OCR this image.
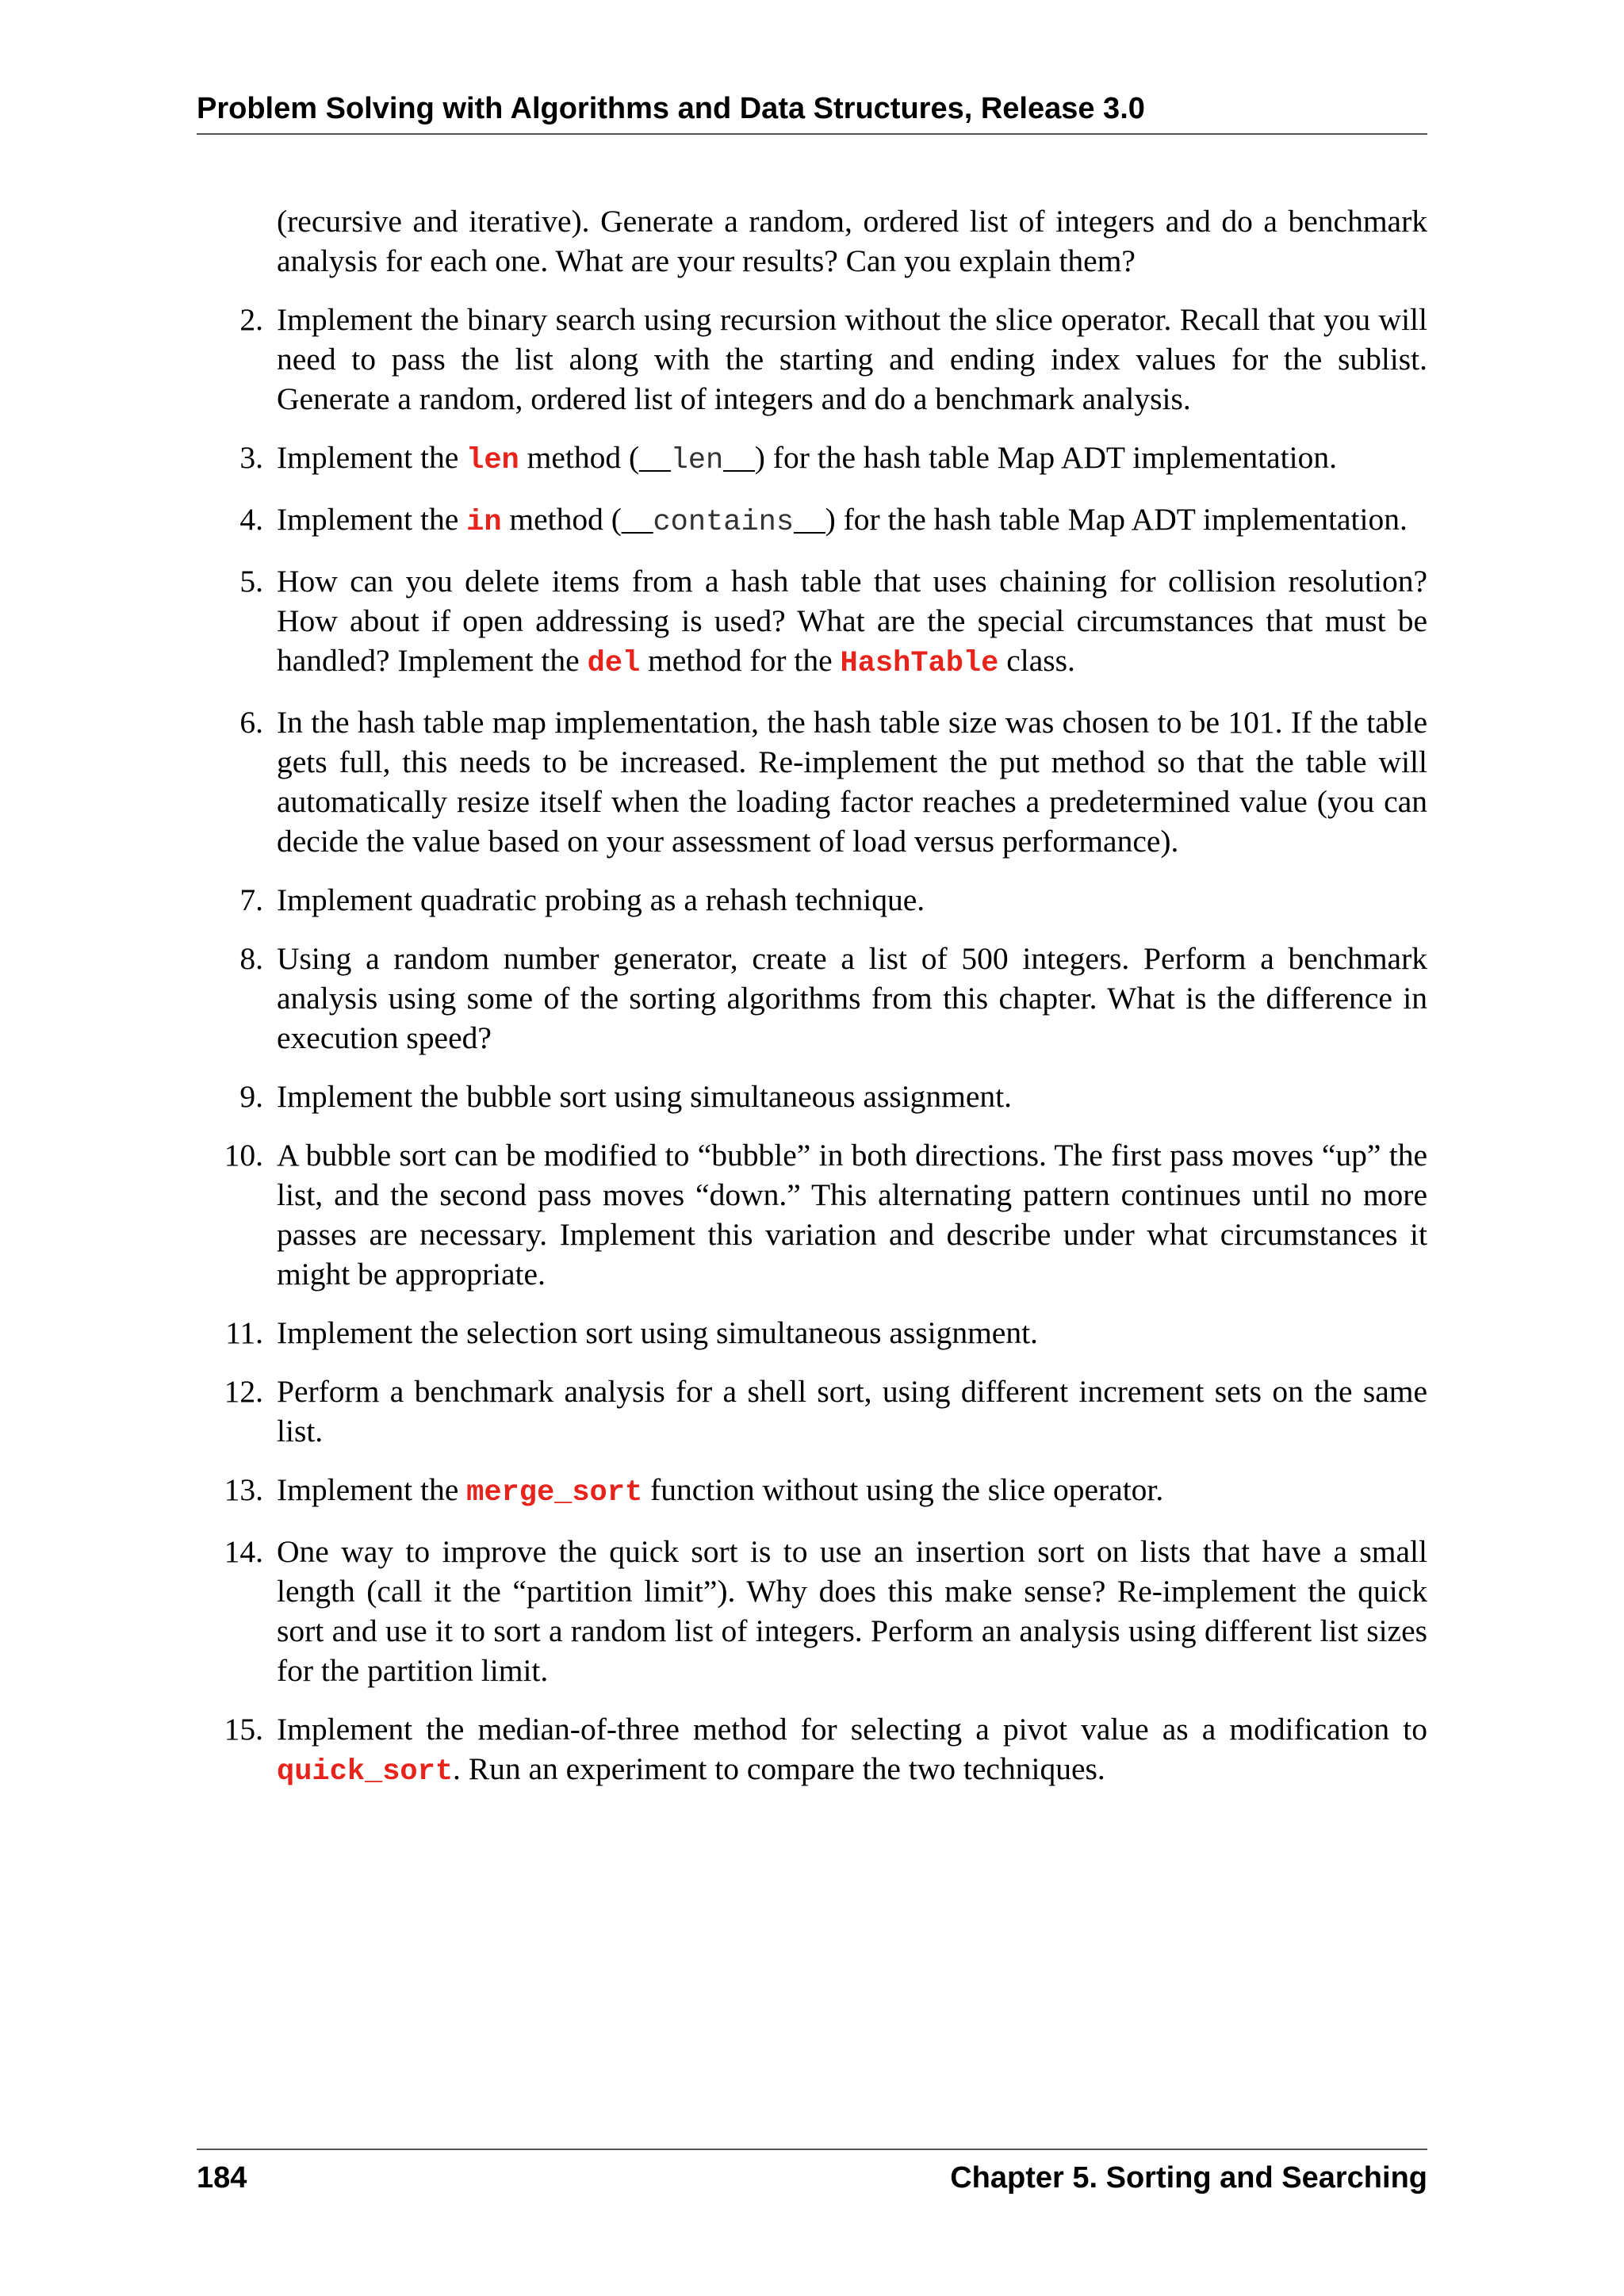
Problem Solving with Algorithms and Data Structures, Release 3.0
(recursive and iterative). Generate a random, ordered list of integers and do a benchmark analysis for each one. What are your results? Can you explain them?
2. Implement the binary search using recursion without the slice operator. Recall that you will need to pass the list along with the starting and ending index values for the sublist. Generate a random, ordered list of integers and do a benchmark analysis.
3. Implement the len method (__len__) for the hash table Map ADT implementation.
4. Implement the in method (__contains__) for the hash table Map ADT implementation.
5. How can you delete items from a hash table that uses chaining for collision resolution? How about if open addressing is used? What are the special circumstances that must be handled? Implement the del method for the HashTable class.
6. In the hash table map implementation, the hash table size was chosen to be 101. If the table gets full, this needs to be increased. Re-implement the put method so that the table will automatically resize itself when the loading factor reaches a predetermined value (you can decide the value based on your assessment of load versus performance).
7. Implement quadratic probing as a rehash technique.
8. Using a random number generator, create a list of 500 integers. Perform a benchmark analysis using some of the sorting algorithms from this chapter. What is the difference in execution speed?
9. Implement the bubble sort using simultaneous assignment.
10. A bubble sort can be modified to “bubble” in both directions. The first pass moves “up” the list, and the second pass moves “down.” This alternating pattern continues until no more passes are necessary. Implement this variation and describe under what circumstances it might be appropriate.
11. Implement the selection sort using simultaneous assignment.
12. Perform a benchmark analysis for a shell sort, using different increment sets on the same list.
13. Implement the merge_sort function without using the slice operator.
14. One way to improve the quick sort is to use an insertion sort on lists that have a small length (call it the “partition limit”). Why does this make sense? Re-implement the quick sort and use it to sort a random list of integers. Perform an analysis using different list sizes for the partition limit.
15. Implement the median-of-three method for selecting a pivot value as a modification to quick_sort. Run an experiment to compare the two techniques.
184	Chapter 5. Sorting and Searching
